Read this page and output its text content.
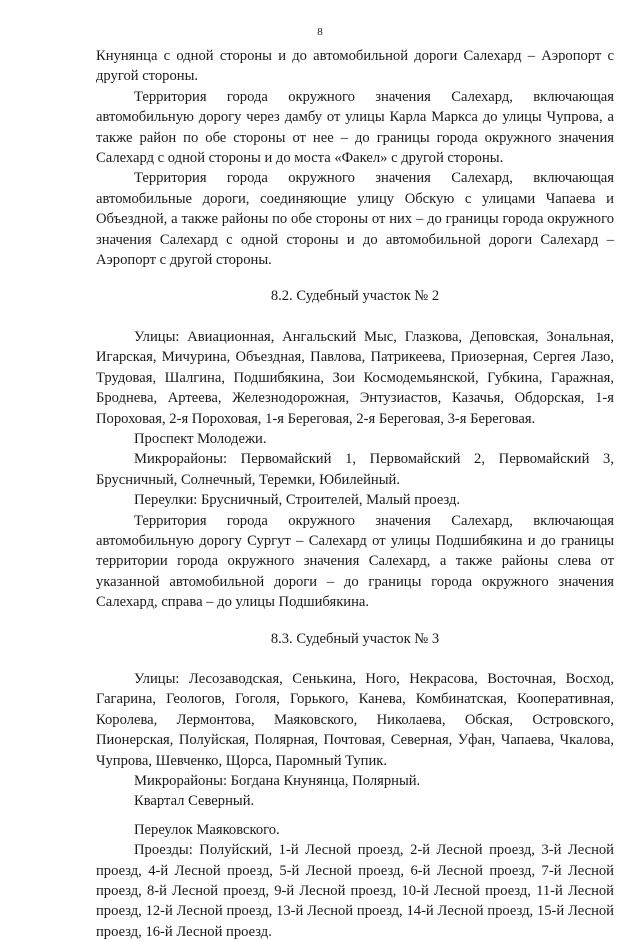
8

Кнунянца с одной стороны и до автомобильной дороги Салехард – Аэропорт с другой стороны.

Территория города окружного значения Салехард, включающая автомобильную дорогу через дамбу от улицы Карла Маркса до улицы Чупрова, а также район по обе стороны от нее – до границы города окружного значения Салехард с одной стороны и до моста «Факел» с другой стороны.

Территория города окружного значения Салехард, включающая автомобильные дороги, соединяющие улицу Обскую с улицами Чапаева и Объездной, а также районы по обе стороны от них – до границы города окружного значения Салехард с одной стороны и до автомобильной дороги Салехард – Аэропорт с другой стороны.

8.2. Судебный участок № 2

Улицы: Авиационная, Ангальский Мыс, Глазкова, Деповская, Зональная, Игарская, Мичурина, Объездная, Павлова, Патрикеева, Приозерная, Сергея Лазо, Трудовая, Шалгина, Подшибякина, Зои Космодемьянской, Губкина, Гаражная, Броднева, Артеева, Железнодорожная, Энтузиастов, Казачья, Обдорская, 1-я Пороховая, 2-я Пороховая, 1-я Береговая, 2-я Береговая, 3-я Береговая.

Проспект Молодежи.

Микрорайоны: Первомайский 1, Первомайский 2, Первомайский 3, Брусничный, Солнечный, Теремки, Юбилейный.

Переулки: Брусничный, Строителей, Малый проезд.

Территория города окружного значения Салехард, включающая автомобильную дорогу Сургут – Салехард от улицы Подшибякина и до границы территории города окружного значения Салехард, а также районы слева от указанной автомобильной дороги – до границы города окружного значения Салехард, справа – до улицы Подшибякина.

8.3. Судебный участок № 3

Улицы: Лесозаводская, Сенькина, Ного, Некрасова, Восточная, Восход, Гагарина, Геологов, Гоголя, Горького, Канева, Комбинатская, Кооперативная, Королева, Лермонтова, Маяковского, Николаева, Обская, Островского, Пионерская, Полуйская, Полярная, Почтовая, Северная, Уфан, Чапаева, Чкалова, Чупрова, Шевченко, Щорса, Паромный Тупик.

Микрорайоны: Богдана Кнунянца, Полярный.

Квартал Северный.

Переулок Маяковского.

Проезды: Полуйский, 1-й Лесной проезд, 2-й Лесной проезд, 3-й Лесной проезд, 4-й Лесной проезд, 5-й Лесной проезд, 6-й Лесной проезд, 7-й Лесной проезд, 8-й Лесной проезд, 9-й Лесной проезд, 10-й Лесной проезд, 11-й Лесной проезд, 12-й Лесной проезд, 13-й Лесной проезд, 14-й Лесной проезд, 15-й Лесной проезд, 16-й Лесной проезд.
